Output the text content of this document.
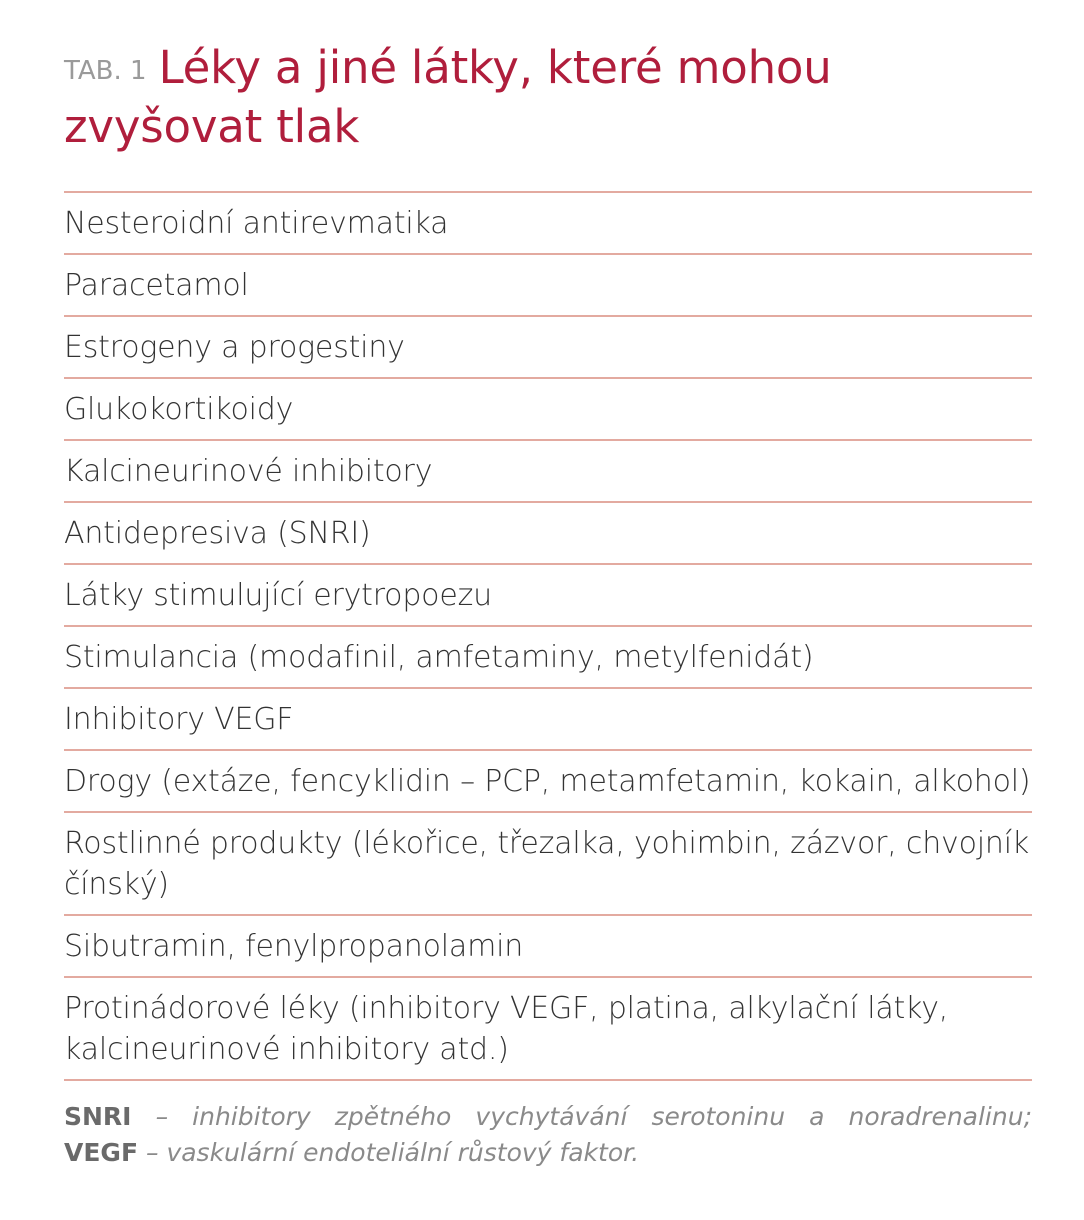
TAB. 1 Léky a jiné látky, které mohou zvyšovat tlak
Nesteroidní antirevmatika
Paracetamol
Estrogeny a progestiny
Glukokortikoidy
Kalcineurinové inhibitory
Antidepresiva (SNRI)
Látky stimulující erytropoezu
Stimulancia (modafinil, amfetaminy, metylfenidát)
Inhibitory VEGF
Drogy (extáze, fencyklidin – PCP, metamfetamin, kokain, alkohol)
Rostlinné produkty (lékořice, třezalka, yohimbin, zázvor, chvojník čínský)
Sibutramin, fenylpropanolamin
Protinádorové léky (inhibitory VEGF, platina, alkylační látky, kalcineurinové inhibitory atd.)
SNRI – inhibitory zpětného vychytávání serotoninu a noradrenalinu;
VEGF – vaskulární endoteliální růstový faktor.
